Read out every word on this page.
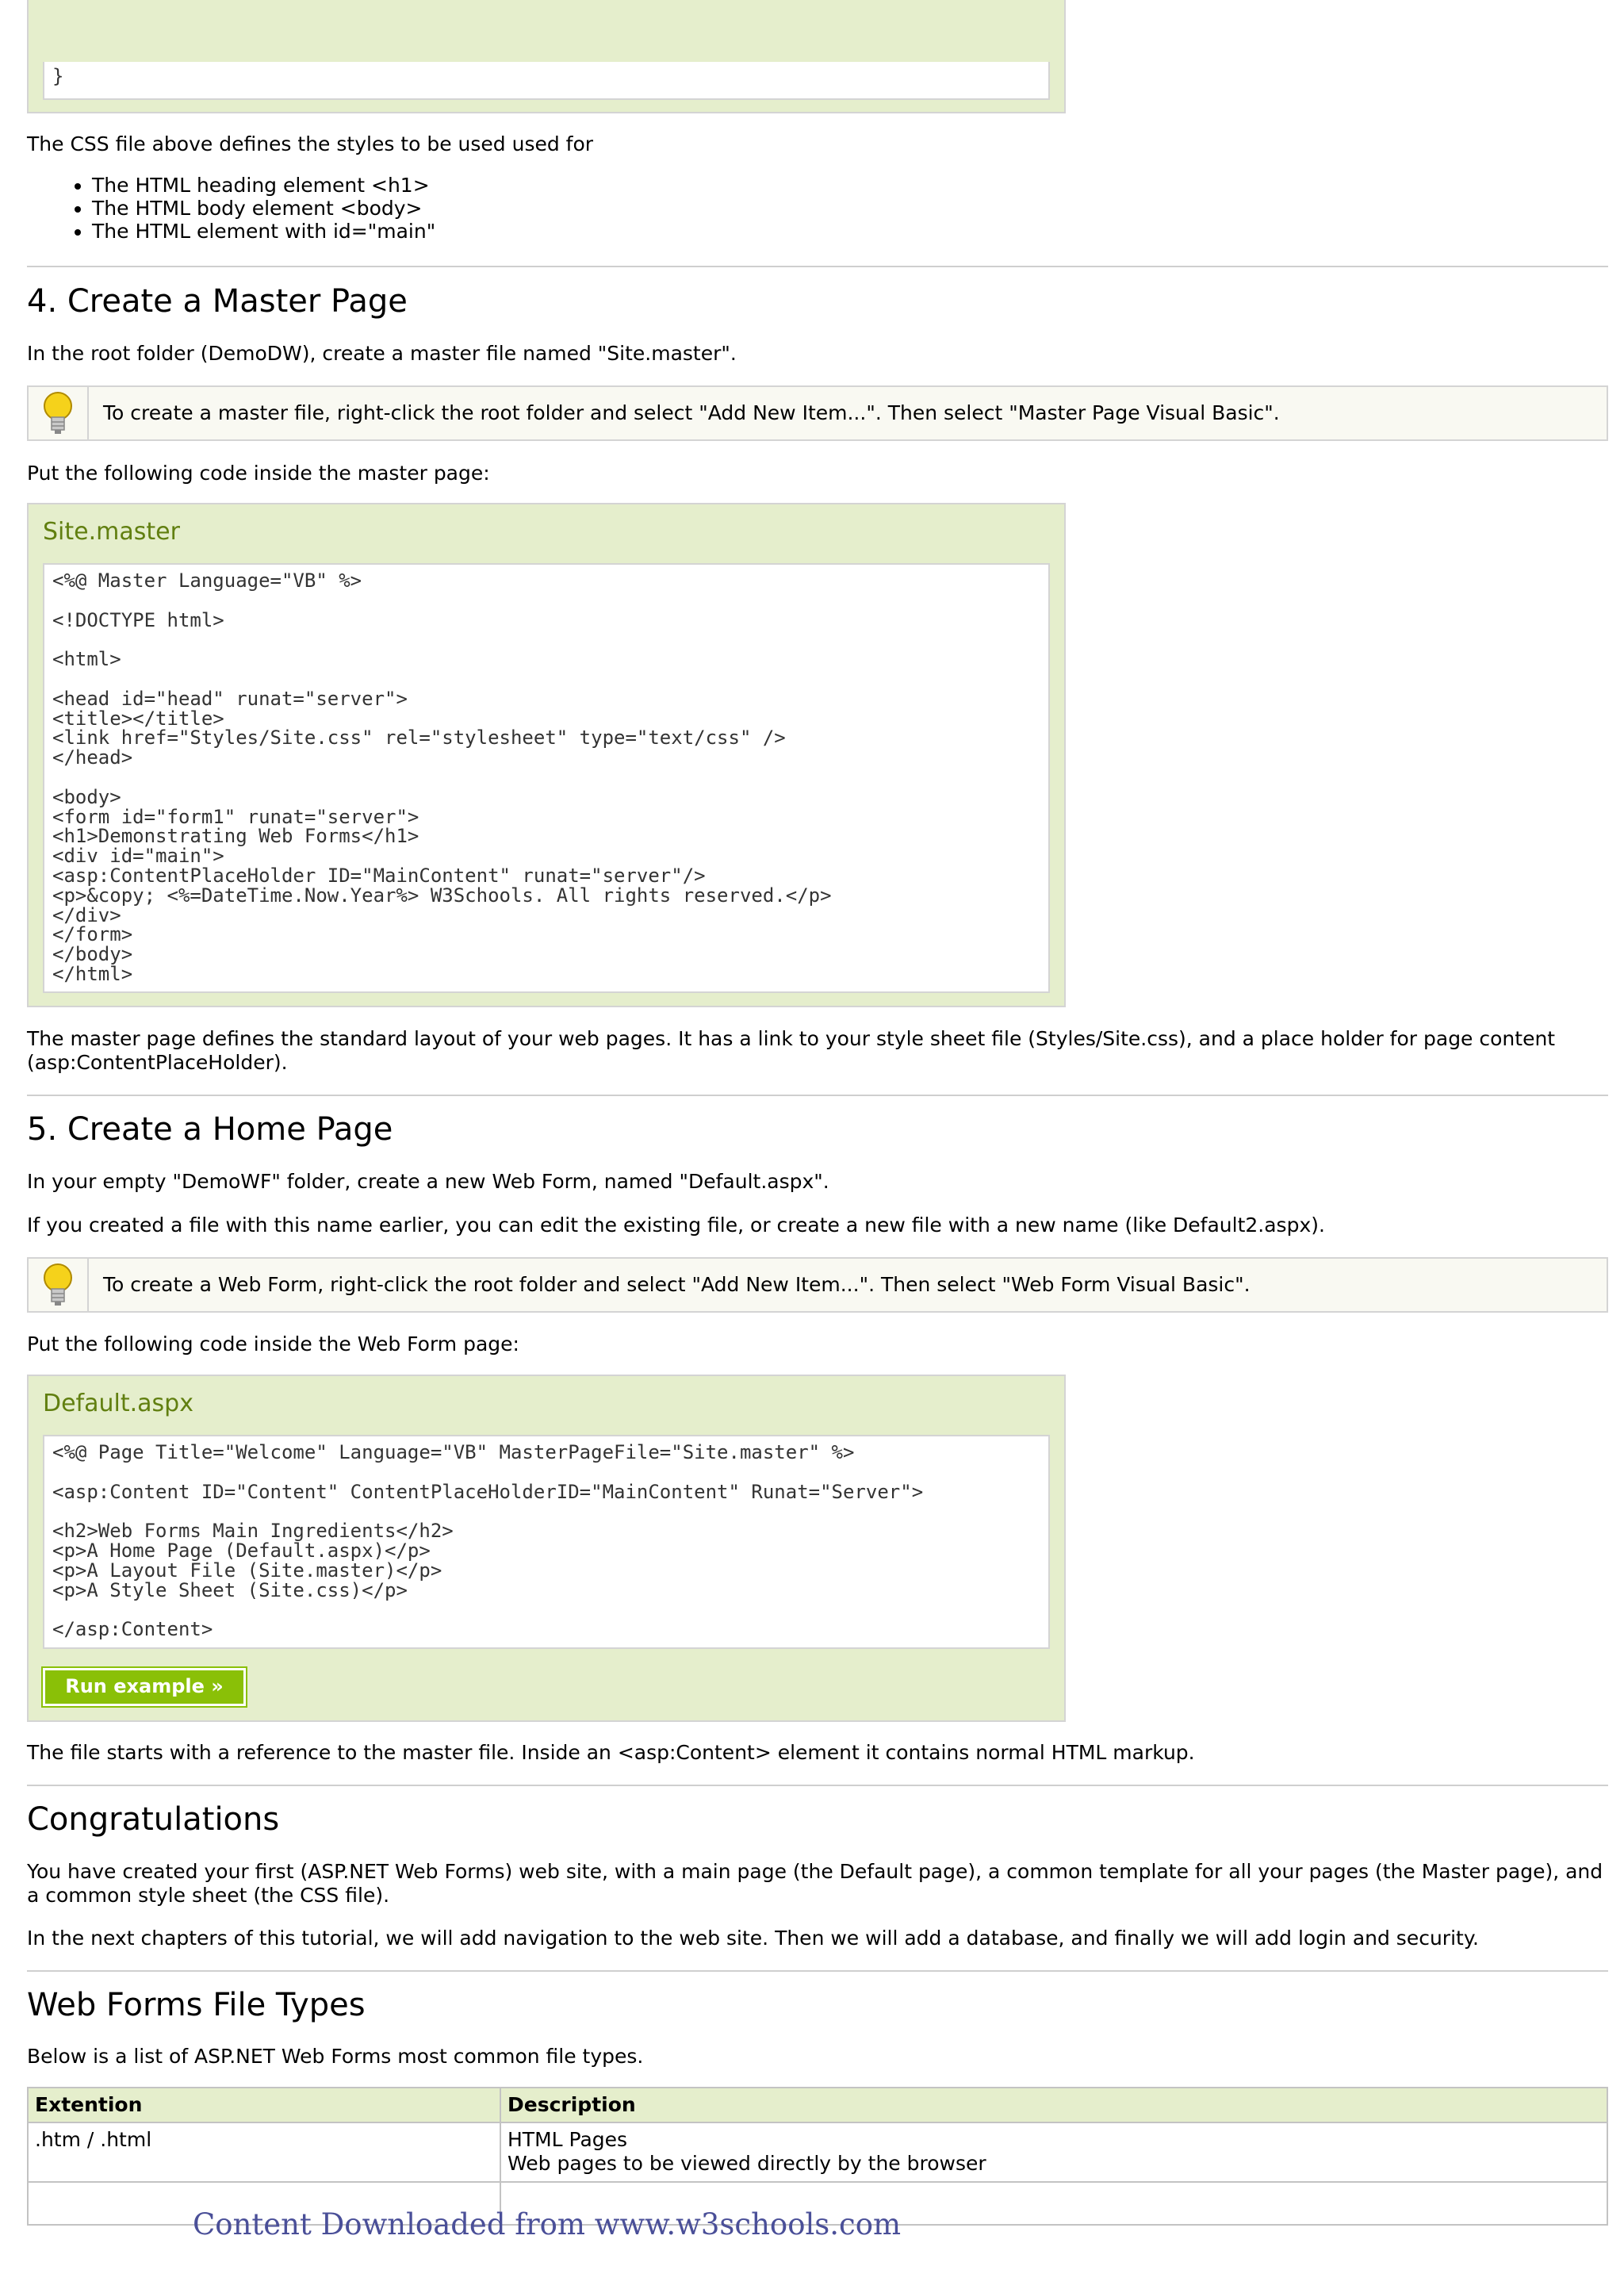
}

The CSS file above defines the styles to be used used for

• The HTML heading element <h1>
• The HTML body element <body>
• The HTML element with id="main"
4. Create a Master Page

In the root folder (DemoDW), create a master file named "Site.master".

To create a master file, right-click the root folder and select "Add New Item...". Then select "Master Page Visual Basic".

Put the following code inside the master page:

Site.master
<%@ Master Language="VB" %>

<!DOCTYPE html>

<html>

<head id="head" runat="server">
<title></title>
<link href="Styles/Site.css" rel="stylesheet" type="text/css" />
</head>

<body>
<form id="form1" runat="server">
<h1>Demonstrating Web Forms</h1>
<div id="main">
<asp:ContentPlaceHolder ID="MainContent" runat="server"/>
<p>&copy; <%=DateTime.Now.Year%> W3Schools. All rights reserved.</p>
</div>
</form>
</body>
</html>

The master page defines the standard layout of your web pages. It has a link to your style sheet file (Styles/Site.css), and a place holder for page content (asp:ContentPlaceHolder).

5. Create a Home Page

In your empty "DemoWF" folder, create a new Web Form, named "Default.aspx".

If you created a file with this name earlier, you can edit the existing file, or create a new file with a new name (like Default2.aspx).

To create a Web Form, right-click the root folder and select "Add New Item...". Then select "Web Form Visual Basic".

Put the following code inside the Web Form page:

Default.aspx
<%@ Page Title="Welcome" Language="VB" MasterPageFile="Site.master" %>

<asp:Content ID="Content" ContentPlaceHolderID="MainContent" Runat="Server">

<h2>Web Forms Main Ingredients</h2>
<p>A Home Page (Default.aspx)</p>
<p>A Layout File (Site.master)</p>
<p>A Style Sheet (Site.css)</p>

</asp:Content>
Run example »

The file starts with a reference to the master file. Inside an <asp:Content> element it contains normal HTML markup.

Congratulations

You have created your first (ASP.NET Web Forms) web site, with a main page (the Default page), a common template for all your pages (the Master page), and a common style sheet (the CSS file).

In the next chapters of this tutorial, we will add navigation to the web site. Then we will add a database, and finally we will add login and security.

Web Forms File Types

Below is a list of ASP.NET Web Forms most common file types.

Extention	Description
.htm / .html	HTML Pages
Web pages to be viewed directly by the browser

Content Downloaded from www.w3schools.com
